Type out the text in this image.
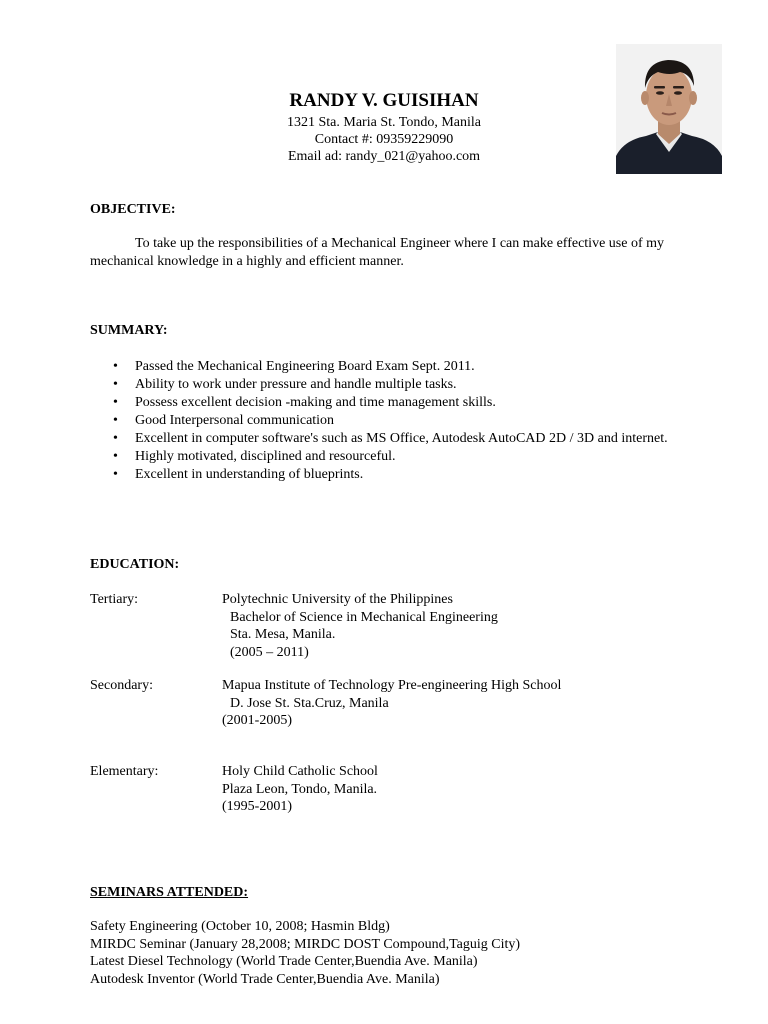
RANDY V. GUISIHAN
1321 Sta. Maria St. Tondo, Manila
Contact #: 09359229090
Email ad: randy_021@yahoo.com
OBJECTIVE:
To take up the responsibilities of a Mechanical Engineer where I can make effective use of my mechanical knowledge in a highly and efficient manner.
SUMMARY:
• Passed the Mechanical Engineering Board Exam Sept. 2011.
• Ability to work under pressure and handle multiple tasks.
• Possess excellent decision -making and time management skills.
• Good Interpersonal communication
• Excellent in computer software's such as MS Office, Autodesk AutoCAD 2D / 3D and internet.
• Highly motivated, disciplined and resourceful.
• Excellent in understanding of blueprints.
EDUCATION:
Tertiary:	Polytechnic University of the Philippines
Bachelor of Science in Mechanical Engineering
Sta. Mesa, Manila.
(2005 – 2011)
Secondary:	Mapua Institute of Technology Pre-engineering High School
D. Jose St. Sta.Cruz, Manila
(2001-2005)
Elementary:	Holy Child Catholic School
Plaza Leon, Tondo, Manila.
(1995-2001)
SEMINARS ATTENDED:
Safety Engineering (October 10, 2008; Hasmin Bldg)
MIRDC Seminar (January 28,2008; MIRDC DOST Compound,Taguig City)
Latest Diesel Technology (World Trade Center,Buendia Ave. Manila)
Autodesk Inventor (World Trade Center,Buendia Ave. Manila)
